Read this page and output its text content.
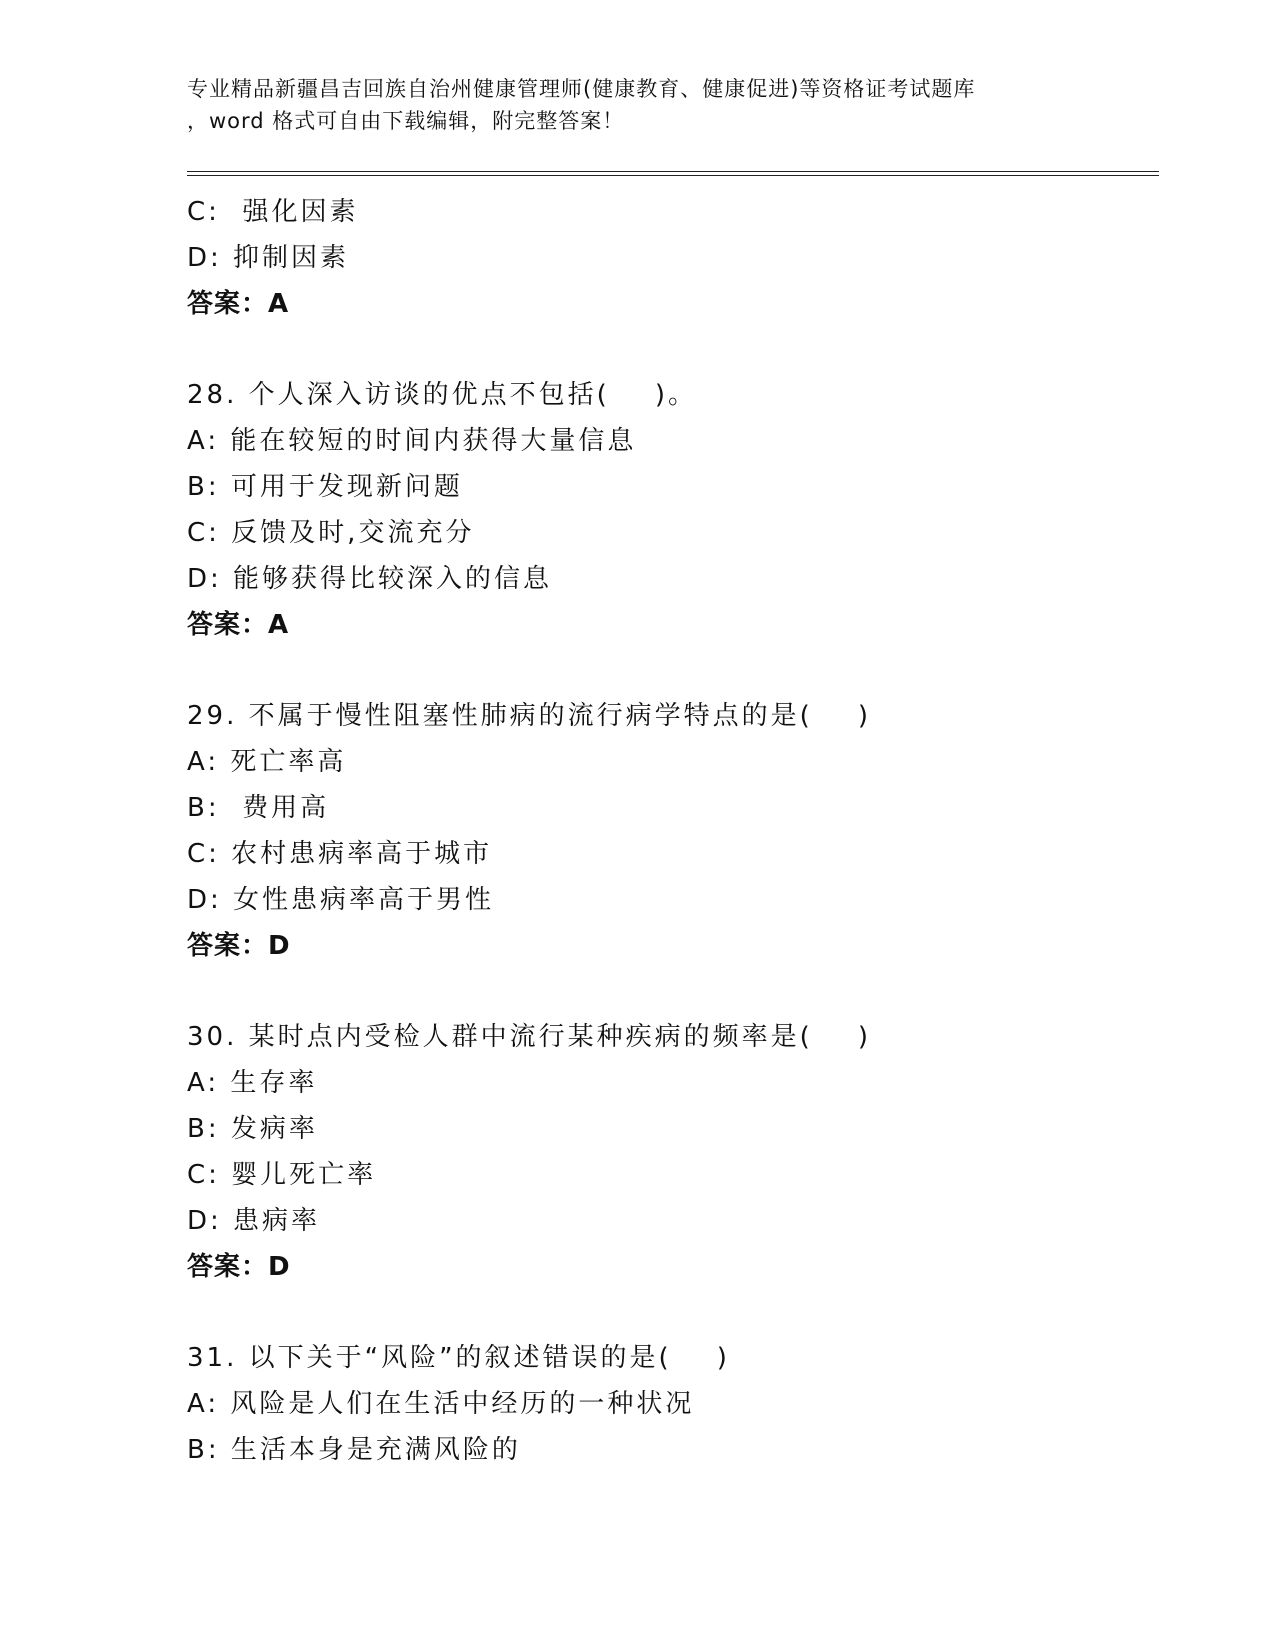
专业精品新疆昌吉回族自治州健康管理师(健康教育、健康促进)等资格证考试题库
，word 格式可自由下载编辑，附完整答案！
C:  强化因素
D: 抑制因素
答案：A
28. 个人深入访谈的优点不包括(    )。
A: 能在较短的时间内获得大量信息
B: 可用于发现新问题
C: 反馈及时,交流充分
D: 能够获得比较深入的信息
答案：A
29. 不属于慢性阻塞性肺病的流行病学特点的是(    )
A: 死亡率高
B:  费用高
C: 农村患病率高于城市
D: 女性患病率高于男性
答案：D
30. 某时点内受检人群中流行某种疾病的频率是(    )
A: 生存率
B: 发病率
C: 婴儿死亡率
D: 患病率
答案：D
31. 以下关于“风险”的叙述错误的是(    )
A: 风险是人们在生活中经历的一种状况
B: 生活本身是充满风险的
